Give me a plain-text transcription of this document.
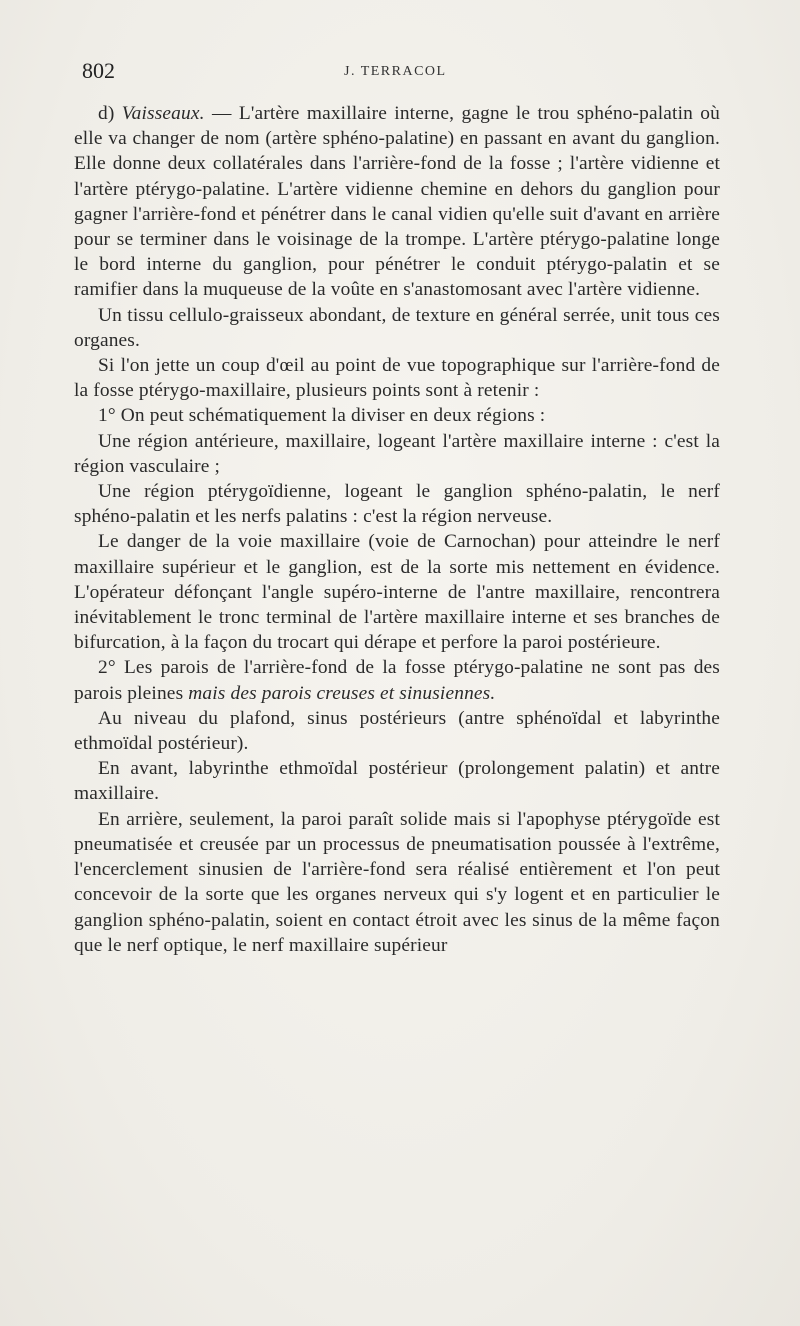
802	J. TERRACOL

d) Vaisseaux. — L'artère maxillaire interne, gagne le trou sphéno-palatin où elle va changer de nom (artère sphéno-palatine) en passant en avant du ganglion. Elle donne deux collatérales dans l'arrière-fond de la fosse ; l'artère vidienne et l'artère ptérygo-palatine. L'artère vidienne chemine en dehors du ganglion pour gagner l'arrière-fond et pénétrer dans le canal vidien qu'elle suit d'avant en arrière pour se terminer dans le voisinage de la trompe. L'artère ptérygo-palatine longe le bord interne du ganglion, pour pénétrer le conduit ptérygo-palatin et se ramifier dans la muqueuse de la voûte en s'anastomosant avec l'artère vidienne.

Un tissu cellulo-graisseux abondant, de texture en général serrée, unit tous ces organes.

Si l'on jette un coup d'œil au point de vue topographique sur l'arrière-fond de la fosse ptérygo-maxillaire, plusieurs points sont à retenir :

1° On peut schématiquement la diviser en deux régions :

Une région antérieure, maxillaire, logeant l'artère maxillaire interne : c'est la région vasculaire ;

Une région ptérygoïdienne, logeant le ganglion sphéno-palatin, le nerf sphéno-palatin et les nerfs palatins : c'est la région nerveuse.

Le danger de la voie maxillaire (voie de Carnochan) pour atteindre le nerf maxillaire supérieur et le ganglion, est de la sorte mis nettement en évidence. L'opérateur défonçant l'angle supéro-interne de l'antre maxillaire, rencontrera inévitablement le tronc terminal de l'artère maxillaire interne et ses branches de bifurcation, à la façon du trocart qui dérape et perfore la paroi postérieure.

2° Les parois de l'arrière-fond de la fosse ptérygo-palatine ne sont pas des parois pleines mais des parois creuses et sinusiennes.

Au niveau du plafond, sinus postérieurs (antre sphénoïdal et labyrinthe ethmoïdal postérieur).

En avant, labyrinthe ethmoïdal postérieur (prolongement palatin) et antre maxillaire.

En arrière, seulement, la paroi paraît solide mais si l'apophyse ptérygoïde est pneumatisée et creusée par un processus de pneumatisation poussée à l'extrême, l'encerclement sinusien de l'arrière-fond sera réalisé entièrement et l'on peut concevoir de la sorte que les organes nerveux qui s'y logent et en particulier le ganglion sphéno-palatin, soient en contact étroit avec les sinus de la même façon que le nerf optique, le nerf maxillaire supérieur
